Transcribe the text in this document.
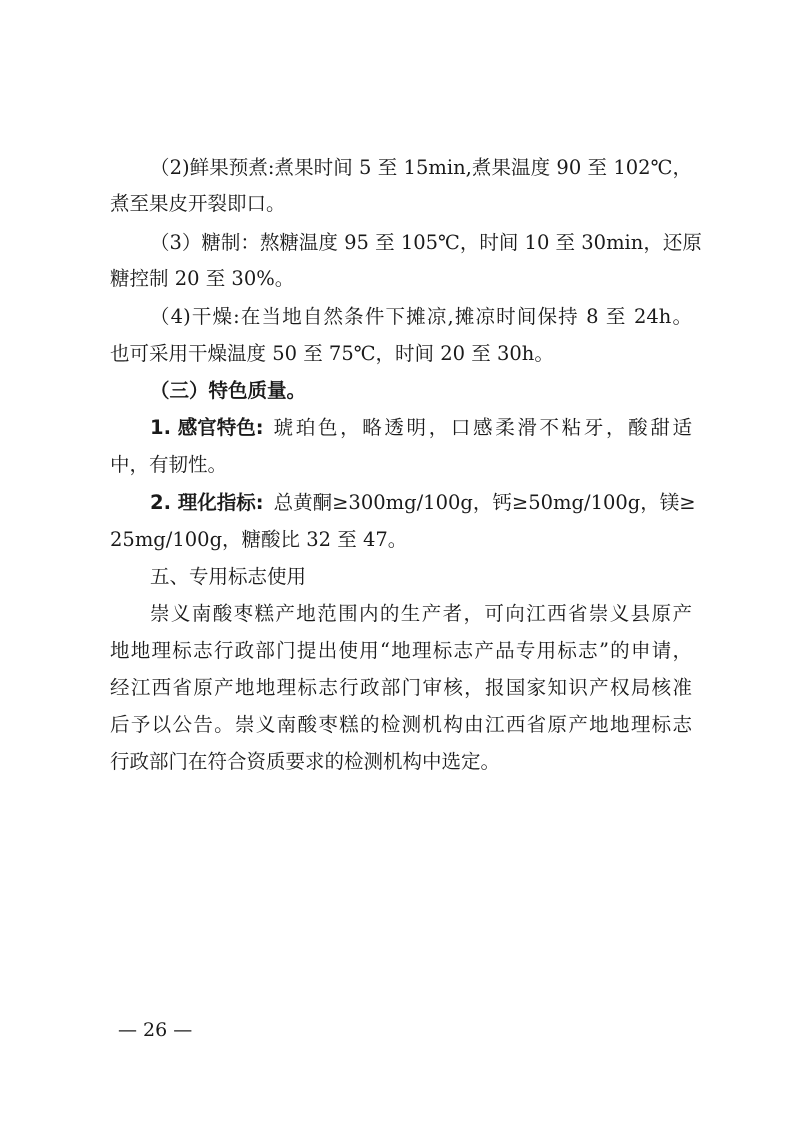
（2)鲜果预煮:煮果时间 5 至 15min,煮果温度 90 至 102℃，
煮至果皮开裂即口。
（3）糖制：熬糖温度 95 至 105℃，时间 10 至 30min，还原
糖控制 20 至 30%。
（4)干燥:在当地自然条件下摊凉,摊凉时间保持 8 至 24h。
也可采用干燥温度 50 至 75℃，时间 20 至 30h。
（三）特色质量。
1. 感官特色: 琥珀色，略透明，口感柔滑不粘牙，酸甜适
中，有韧性。
2. 理化指标: 总黄酮≥300mg/100g，钙≥50mg/100g，镁≥
25mg/100g，糖酸比 32 至 47。
五、专用标志使用
崇义南酸枣糕产地范围内的生产者，可向江西省崇义县原产
地地理标志行政部门提出使用“地理标志产品专用标志”的申请，
经江西省原产地地理标志行政部门审核，报国家知识产权局核准
后予以公告。崇义南酸枣糕的检测机构由江西省原产地地理标志
行政部门在符合资质要求的检测机构中选定。
— 26 —
